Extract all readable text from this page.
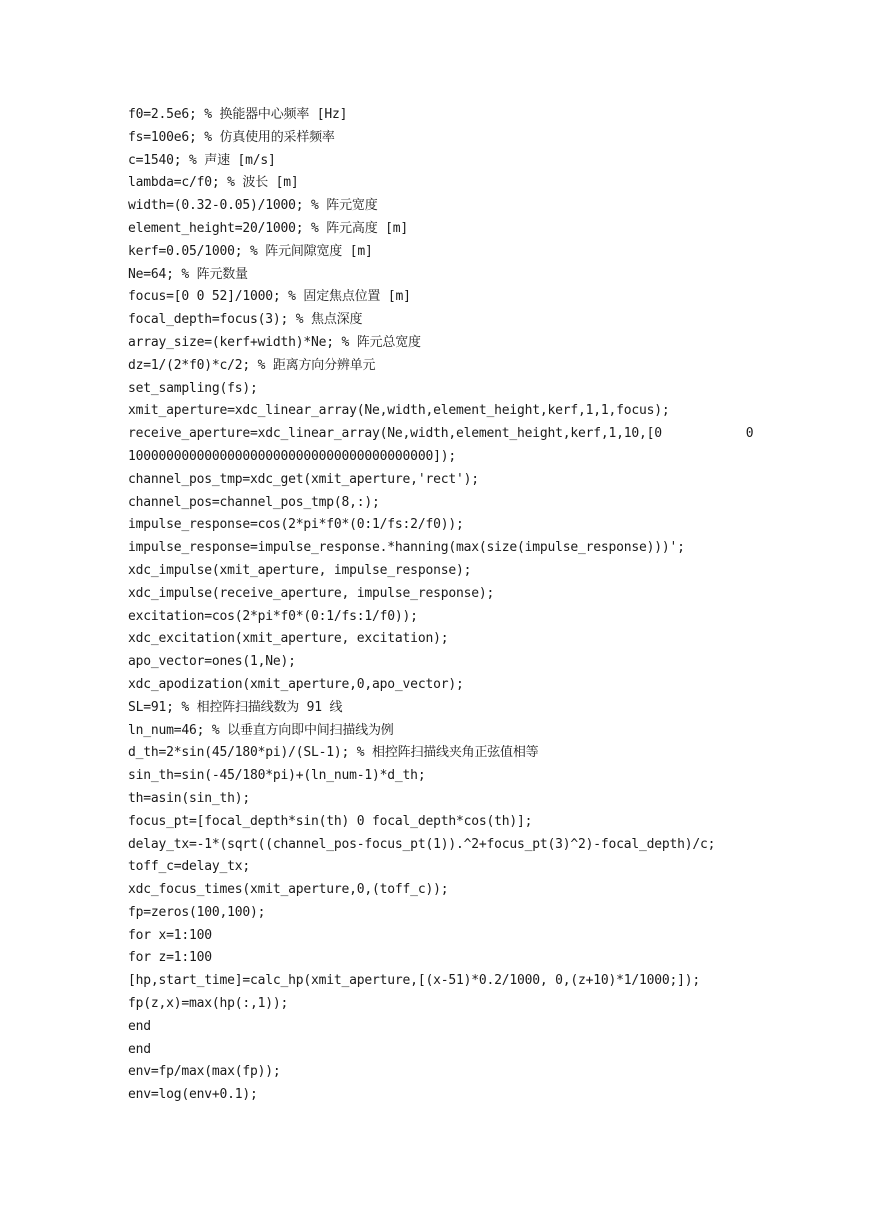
f0=2.5e6; % 换能器中心频率 [Hz]
fs=100e6; % 仿真使用的采样频率
c=1540; % 声速 [m/s]
lambda=c/f0; % 波长 [m]
width=(0.32-0.05)/1000; % 阵元宽度
element_height=20/1000; % 阵元高度 [m]
kerf=0.05/1000; % 阵元间隙宽度 [m]
Ne=64; % 阵元数量
focus=[0 0 52]/1000; % 固定焦点位置 [m]
focal_depth=focus(3); % 焦点深度
array_size=(kerf+width)*Ne; % 阵元总宽度
dz=1/(2*f0)*c/2; % 距离方向分辨单元
set_sampling(fs);
xmit_aperture=xdc_linear_array(Ne,width,element_height,kerf,1,1,focus);
receive_aperture=xdc_linear_array(Ne,width,element_height,kerf,1,10,[0           0
1000000000000000000000000000000000000000]);
channel_pos_tmp=xdc_get(xmit_aperture,'rect');
channel_pos=channel_pos_tmp(8,:);
impulse_response=cos(2*pi*f0*(0:1/fs:2/f0));
impulse_response=impulse_response.*hanning(max(size(impulse_response)))';
xdc_impulse(xmit_aperture, impulse_response);
xdc_impulse(receive_aperture, impulse_response);
excitation=cos(2*pi*f0*(0:1/fs:1/f0));
xdc_excitation(xmit_aperture, excitation);
apo_vector=ones(1,Ne);
xdc_apodization(xmit_aperture,0,apo_vector);
SL=91; % 相控阵扫描线数为 91 线
ln_num=46; % 以垂直方向即中间扫描线为例
d_th=2*sin(45/180*pi)/(SL-1); % 相控阵扫描线夹角正弦值相等
sin_th=sin(-45/180*pi)+(ln_num-1)*d_th;
th=asin(sin_th);
focus_pt=[focal_depth*sin(th) 0 focal_depth*cos(th)];
delay_tx=-1*(sqrt((channel_pos-focus_pt(1)).^2+focus_pt(3)^2)-focal_depth)/c;
toff_c=delay_tx;
xdc_focus_times(xmit_aperture,0,(toff_c));
fp=zeros(100,100);
for x=1:100
for z=1:100
[hp,start_time]=calc_hp(xmit_aperture,[(x-51)*0.2/1000, 0,(z+10)*1/1000;]);
fp(z,x)=max(hp(:,1));
end
end
env=fp/max(max(fp));
env=log(env+0.1);
